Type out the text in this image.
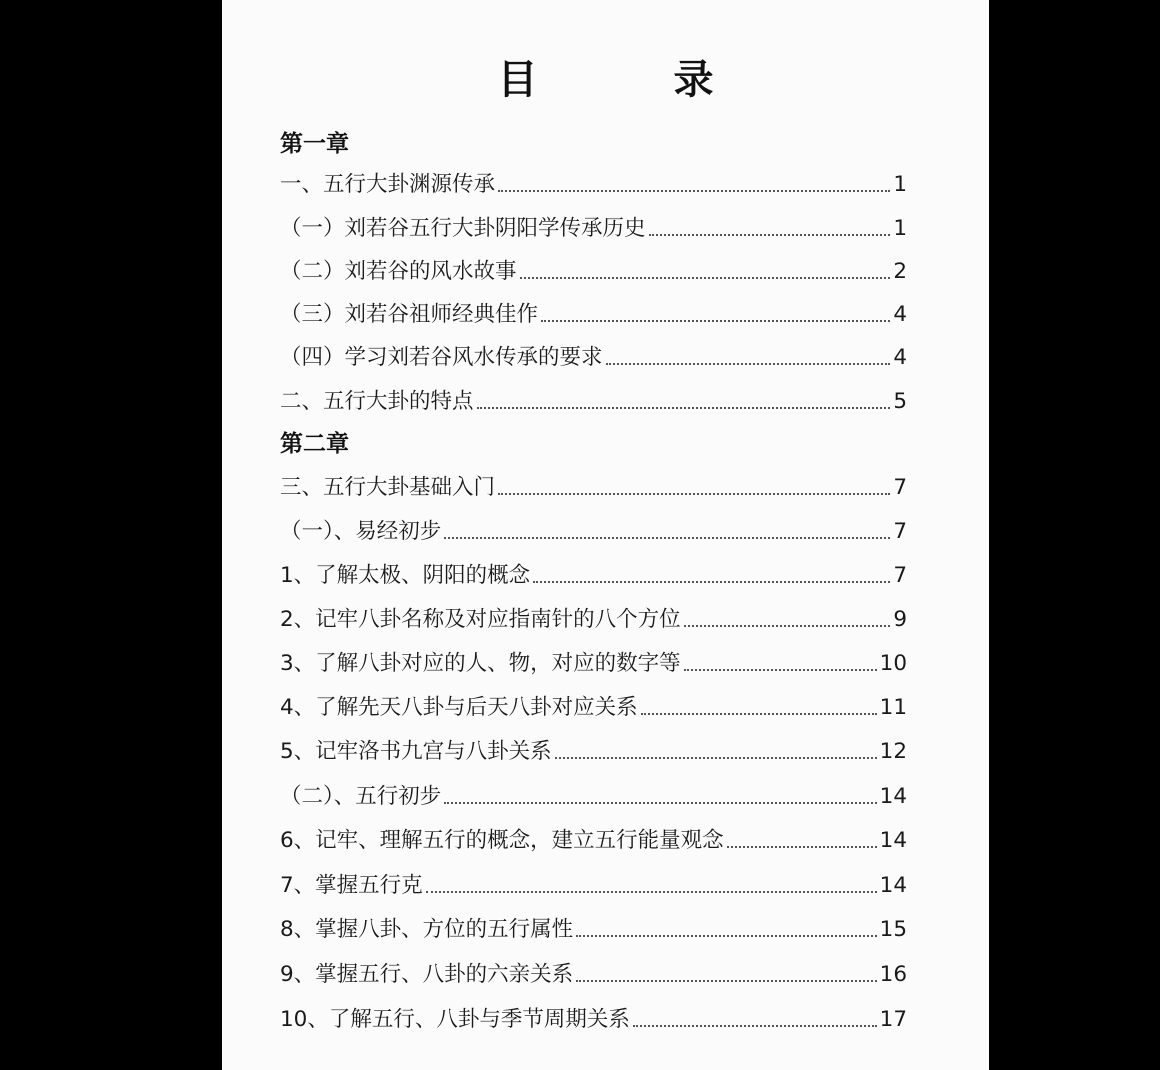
目　录
第一章
一、五行大卦渊源传承	1
（一）刘若谷五行大卦阴阳学传承历史	1
（二）刘若谷的风水故事	2
（三）刘若谷祖师经典佳作	4
（四）学习刘若谷风水传承的要求	4
二、五行大卦的特点	5
第二章
三、五行大卦基础入门	7
（一）、易经初步	7
1、了解太极、阴阳的概念	7
2、记牢八卦名称及对应指南针的八个方位	9
3、了解八卦对应的人、物，对应的数字等	10
4、了解先天八卦与后天八卦对应关系	11
5、记牢洛书九宫与八卦关系	12
（二）、五行初步	14
6、记牢、理解五行的概念，建立五行能量观念	14
7、掌握五行克	14
8、掌握八卦、方位的五行属性	15
9、掌握五行、八卦的六亲关系	16
10、了解五行、八卦与季节周期关系	17
